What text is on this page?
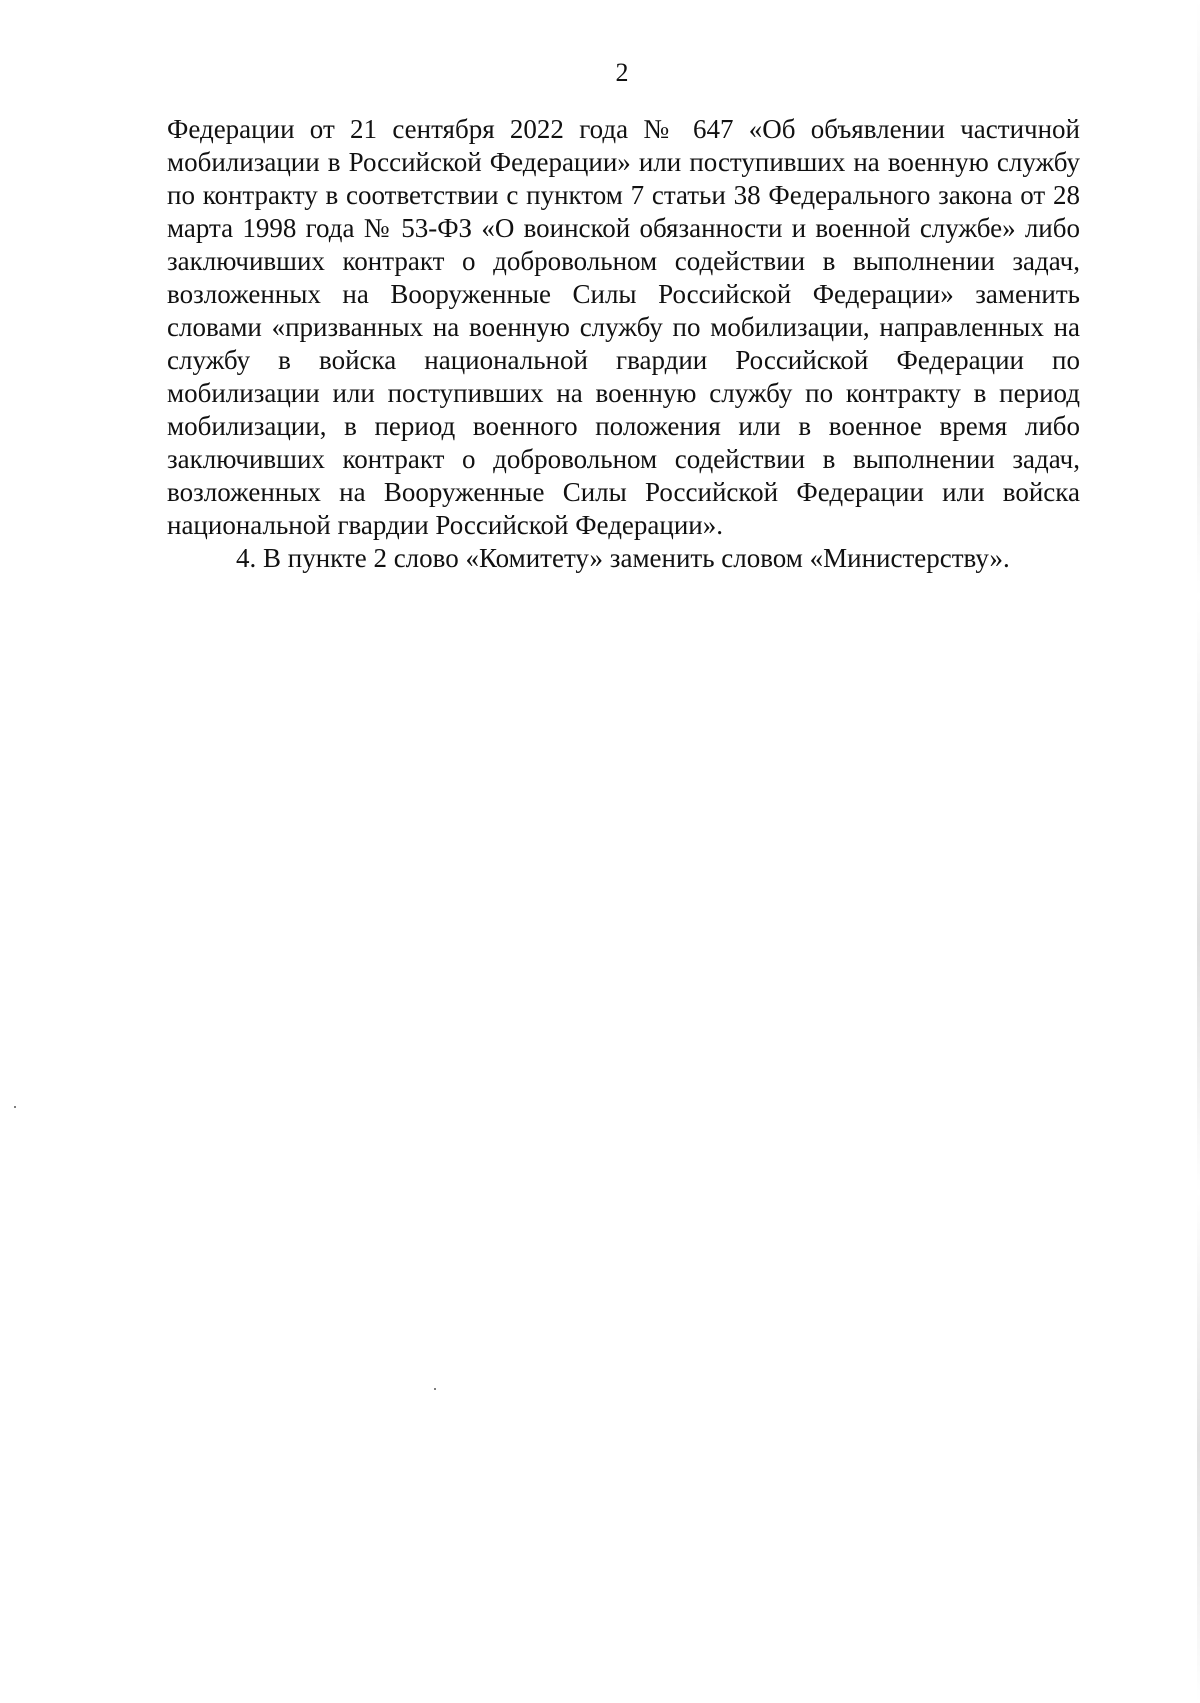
2

Федерации от 21 сентября 2022 года № 647 «Об объявлении частичной мобилизации в Российской Федерации» или поступивших на военную службу по контракту в соответствии с пунктом 7 статьи 38 Федерального закона от 28 марта 1998 года № 53-ФЗ «О воинской обязанности и военной службе» либо заключивших контракт о добровольном содействии в выполнении задач, возложенных на Вооруженные Силы Российской Федерации» заменить словами «призванных на военную службу по мобилизации, направленных на службу в войска национальной гвардии Российской Федерации по мобилизации или поступивших на военную службу по контракту в период мобилизации, в период военного положения или в военное время либо заключивших контракт о добровольном содействии в выполнении задач, возложенных на Вооруженные Силы Российской Федерации или войска национальной гвардии Российской Федерации».

4. В пункте 2 слово «Комитету» заменить словом «Министерству».
